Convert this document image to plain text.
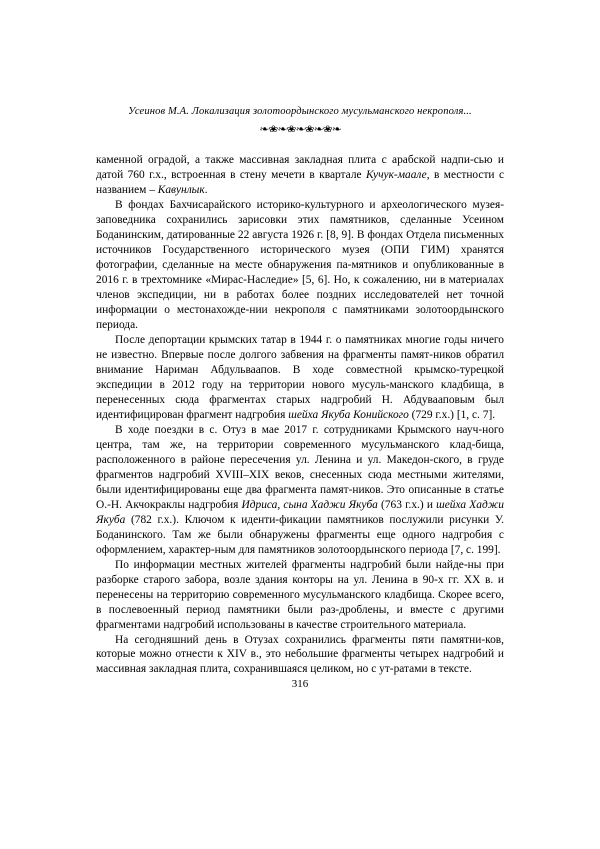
Усеинов М.А. Локализация золотоордынского мусульманского некрополя...
❧❀❧❀❧❀❧❀❧

каменной оградой, а также массивная закладная плита с арабской надпи-сью и датой 760 г.х., встроенная в стену мечети в квартале Кучук-маале, в местности с названием – Кавунлык.

В фондах Бахчисарайского историко-культурного и археологического музея-заповедника сохранились зарисовки этих памятников, сделанные Усеином Боданинским, датированные 22 августа 1926 г. [8, 9]. В фондах Отдела письменных источников Государственного исторического музея (ОПИ ГИМ) хранятся фотографии, сделанные на месте обнаружения па-мятников и опубликованные в 2016 г. в трехтомнике «Мирас-Наследие» [5, 6]. Но, к сожалению, ни в материалах членов экспедиции, ни в работах более поздних исследователей нет точной информации о местонахожде-нии некрополя с памятниками золотоордынского периода.

После депортации крымских татар в 1944 г. о памятниках многие годы ничего не известно. Впервые после долгого забвения на фрагменты памят-ников обратил внимание Нариман Абдульваапов. В ходе совместной крымско-турецкой экспедиции в 2012 году на территории нового мусуль-манского кладбища, в перенесенных сюда фрагментах старых надгробий Н. Абдувааповым был идентифицирован фрагмент надгробия шейха Якуба Конийского (729 г.х.) [1, с. 7].

В ходе поездки в с. Отуз в мае 2017 г. сотрудниками Крымского науч-ного центра, там же, на территории современного мусульманского клад-бища, расположенного в районе пересечения ул. Ленина и ул. Македон-ского, в груде фрагментов надгробий XVIII–XIX веков, снесенных сюда местными жителями, были идентифицированы еще два фрагмента памят-ников. Это описанные в статье О.-Н. Акчокраклы надгробия Идриса, сына Хаджи Якуба (763 г.х.) и шейха Хаджи Якуба (782 г.х.). Ключом к иденти-фикации памятников послужили рисунки У. Боданинского. Там же были обнаружены фрагменты еще одного надгробия с оформлением, характер-ным для памятников золотоордынского периода [7, с. 199].

По информации местных жителей фрагменты надгробий были найде-ны при разборке старого забора, возле здания конторы на ул. Ленина в 90-х гг. XX в. и перенесены на территорию современного мусульманского кладбища. Скорее всего, в послевоенный период памятники были раз-дроблены, и вместе с другими фрагментами надгробий использованы в качестве строительного материала.

На сегодняшний день в Отузах сохранились фрагменты пяти памятни-ков, которые можно отнести к XIV в., это небольшие фрагменты четырех надгробий и массивная закладная плита, сохранившаяся целиком, но с ут-ратами в тексте.

316
